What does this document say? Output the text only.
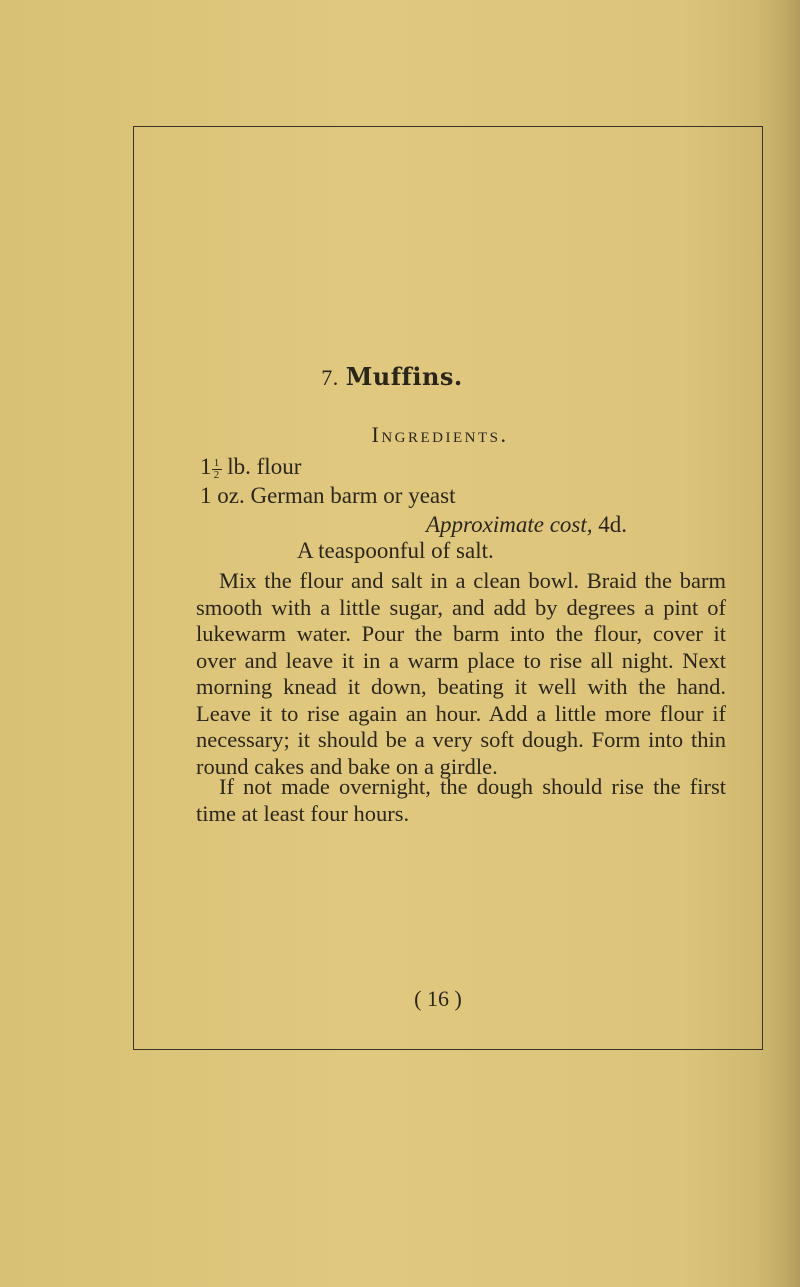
7. Muffins.
Ingredients.
$1 \frac{1}{2}$ lb. flour
1 oz. German barm or yeast
Approximate cost, 4d.
A teaspoonful of salt.

Mix the flour and salt in a clean bowl. Braid the barm smooth with a little sugar, and add by degrees a pint of lukewarm water. Pour the barm into the flour, cover it over and leave it in a warm place to rise all night. Next morning knead it down, beating it well with the hand. Leave it to rise again an hour. Add a little more flour if necessary; it should be a very soft dough. Form into thin round cakes and bake on a girdle.

If not made overnight, the dough should rise the first time at least four hours.

( 16 )
